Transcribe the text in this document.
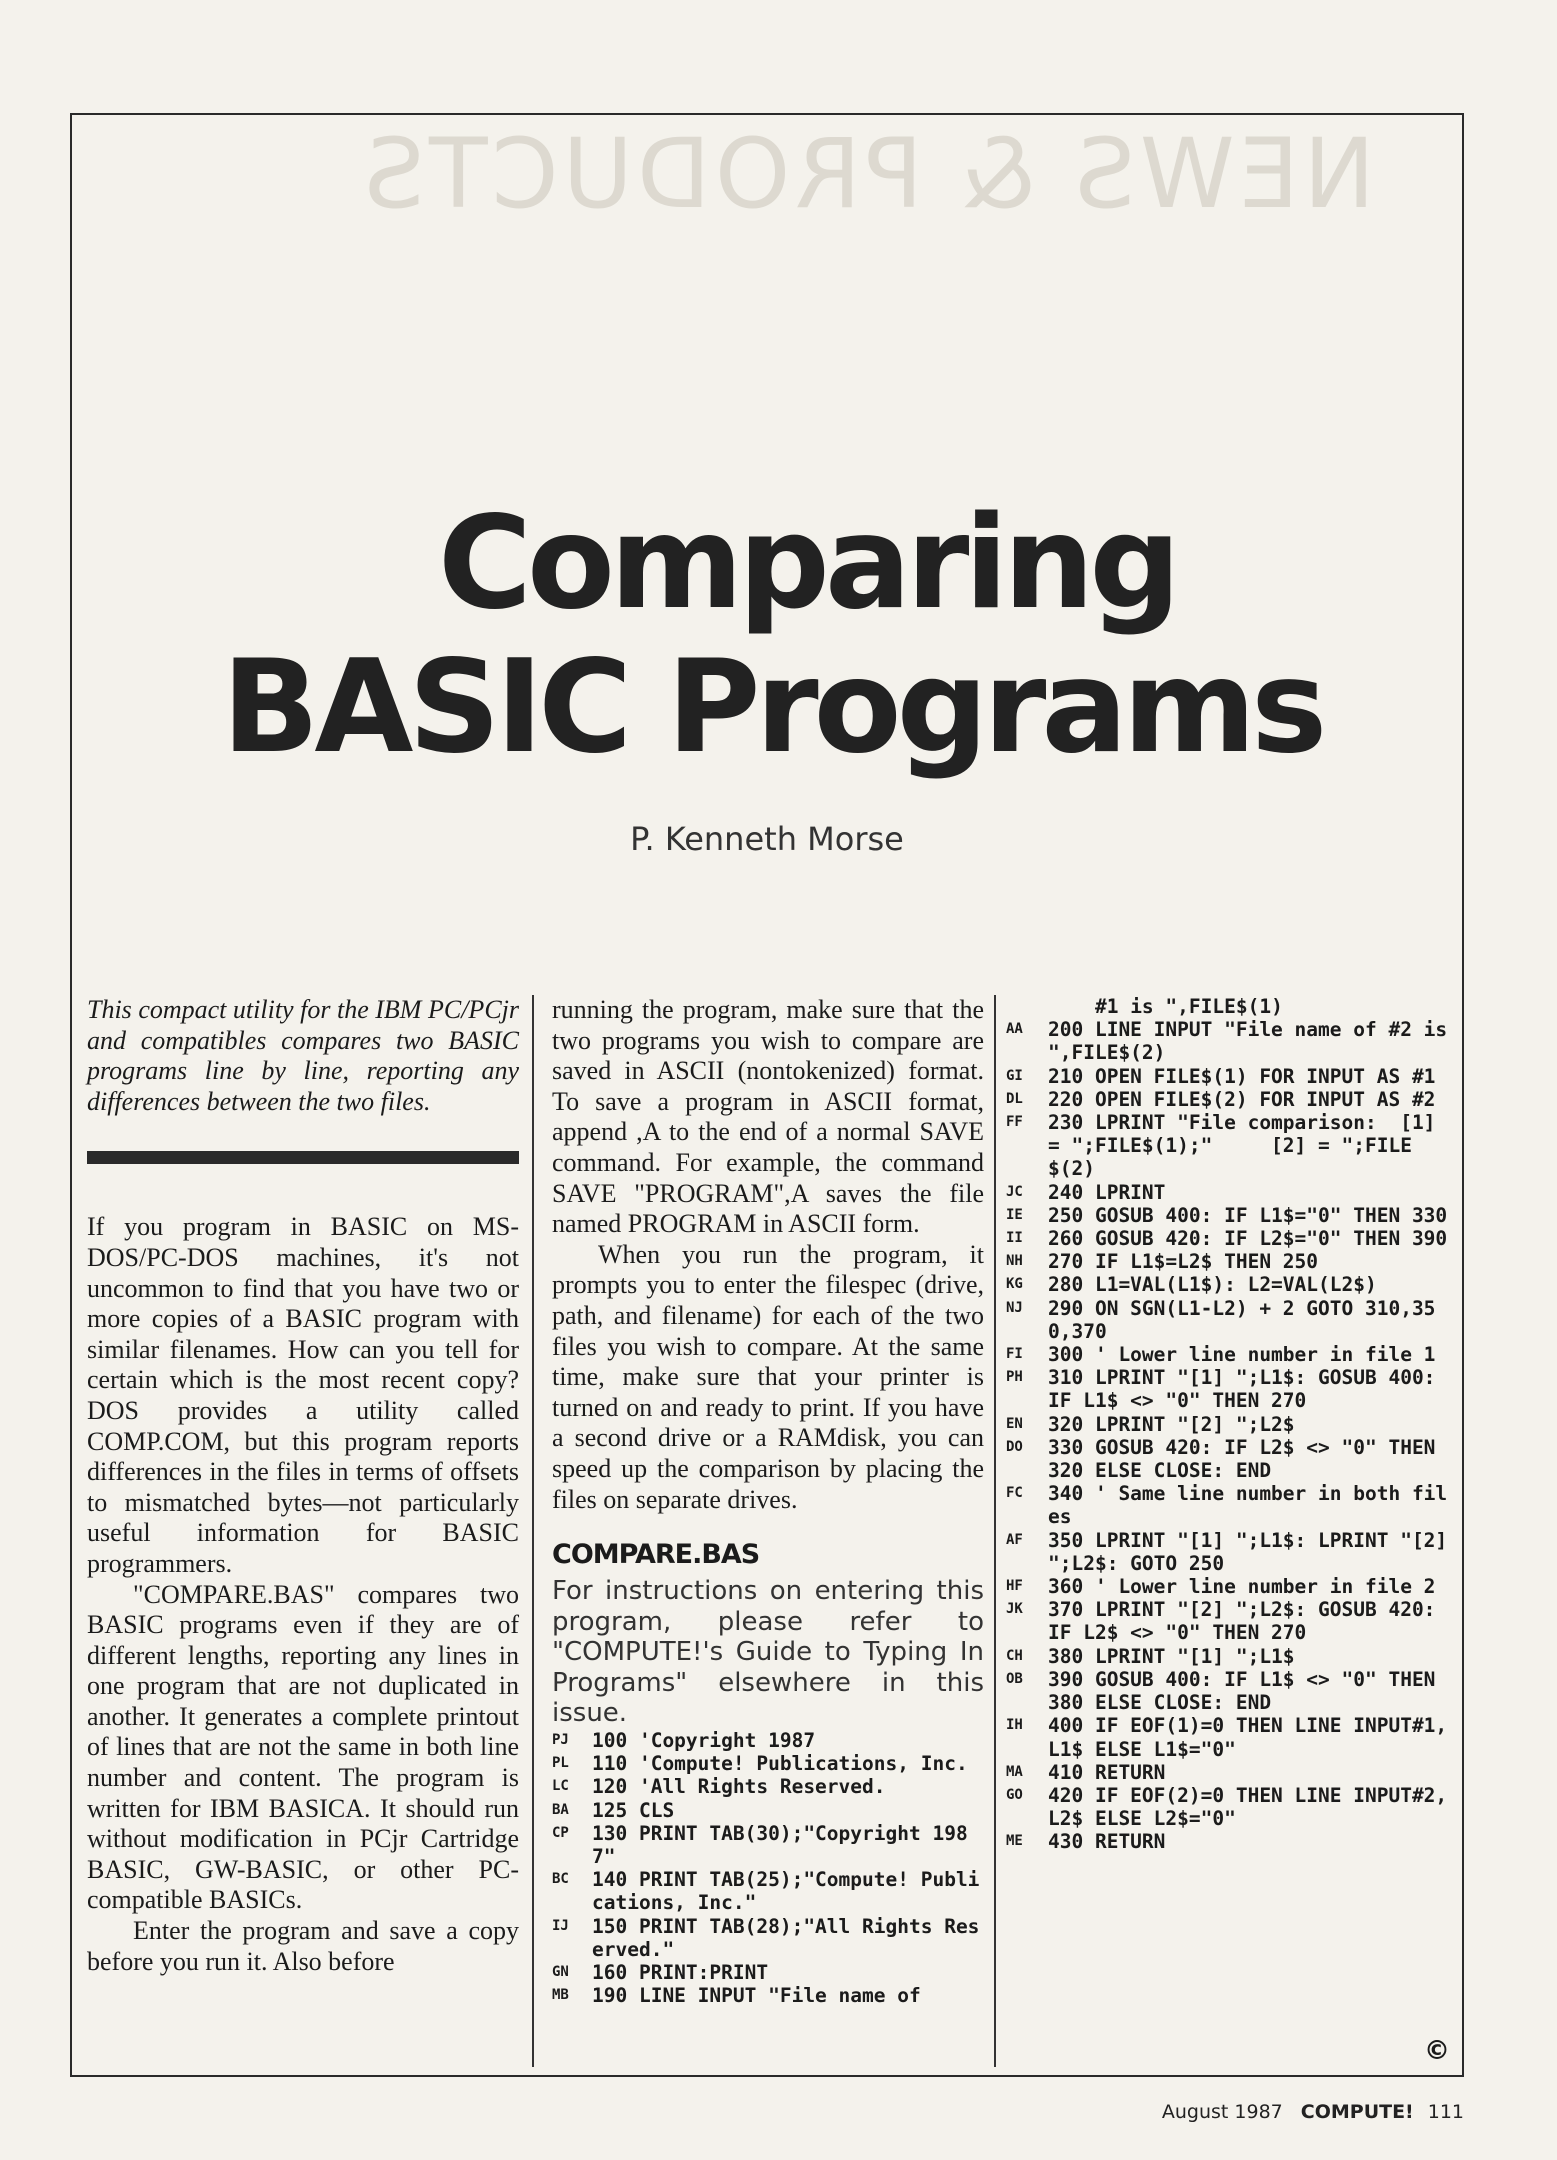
NEWS & PRODUCTS
Comparing
BASIC Programs
P. Kenneth Morse

This compact utility for the IBM PC/PCjr and compatibles compares two BASIC programs line by line, reporting any differences between the two files.

If you program in BASIC on MS-DOS/PC-DOS machines, it's not uncommon to find that you have two or more copies of a BASIC program with similar filenames. How can you tell for certain which is the most recent copy? DOS provides a utility called COMP.COM, but this program reports differences in the files in terms of offsets to mismatched bytes—not particularly useful information for BASIC programmers.

"COMPARE.BAS" compares two BASIC programs even if they are of different lengths, reporting any lines in one program that are not duplicated in another. It generates a complete printout of lines that are not the same in both line number and content. The program is written for IBM BASICA. It should run without modification in PCjr Cartridge BASIC, GW-BASIC, or other PC-compatible BASICs.

Enter the program and save a copy before you run it. Also before

running the program, make sure that the two programs you wish to compare are saved in ASCII (nontokenized) format. To save a program in ASCII format, append ,A to the end of a normal SAVE command. For example, the command SAVE "PROGRAM",A saves the file named PROGRAM in ASCII form.

When you run the program, it prompts you to enter the filespec (drive, path, and filename) for each of the two files you wish to compare. At the same time, make sure that your printer is turned on and ready to print. If you have a second drive or a RAMdisk, you can speed up the comparison by placing the files on separate drives.

COMPARE.BAS

For instructions on entering this program, please refer to "COMPUTE!'s Guide to Typing In Programs" elsewhere in this issue.

PJ	100 'Copyright 1987
PL	110 'Compute! Publications, Inc.
LC	120 'All Rights Reserved.
BA	125 CLS
CP	130 PRINT TAB(30);"Copyright 1987"
BC	140 PRINT TAB(25);"Compute! Publications, Inc."
IJ	150 PRINT TAB(28);"All Rights Reserved."
GN	160 PRINT:PRINT
MB	190 LINE INPUT "File name of
#1 is ",FILE$(1)
AA	200 LINE INPUT "File name of #2 is ",FILE$(2)
GI	210 OPEN FILE$(1) FOR INPUT AS #1
DL	220 OPEN FILE$(2) FOR INPUT AS #2
FF	230 LPRINT "File comparison:  [1] = ";FILE$(1);"     [2] = ";FILE$(2)
JC	240 LPRINT
IE	250 GOSUB 400: IF L1$="0" THEN 330
II	260 GOSUB 420: IF L2$="0" THEN 390
NH	270 IF L1$=L2$ THEN 250
KG	280 L1=VAL(L1$): L2=VAL(L2$)
NJ	290 ON SGN(L1-L2) + 2 GOTO 310,350,370
FI	300 ' Lower line number in file 1
PH	310 LPRINT "[1] ";L1$: GOSUB 400: IF L1$ <> "0" THEN 270
EN	320 LPRINT "[2] ";L2$
DO	330 GOSUB 420: IF L2$ <> "0" THEN 320 ELSE CLOSE: END
FC	340 ' Same line number in both files
AF	350 LPRINT "[1] ";L1$: LPRINT "[2] ";L2$: GOTO 250
HF	360 ' Lower line number in file 2
JK	370 LPRINT "[2] ";L2$: GOSUB 420: IF L2$ <> "0" THEN 270
CH	380 LPRINT "[1] ";L1$
OB	390 GOSUB 400: IF L1$ <> "0" THEN 380 ELSE CLOSE: END
IH	400 IF EOF(1)=0 THEN LINE INPUT#1,L1$ ELSE L1$="0"
MA	410 RETURN
GO	420 IF EOF(2)=0 THEN LINE INPUT#2,L2$ ELSE L2$="0"
ME	430 RETURN
©
August 1987 COMPUTE! 111
